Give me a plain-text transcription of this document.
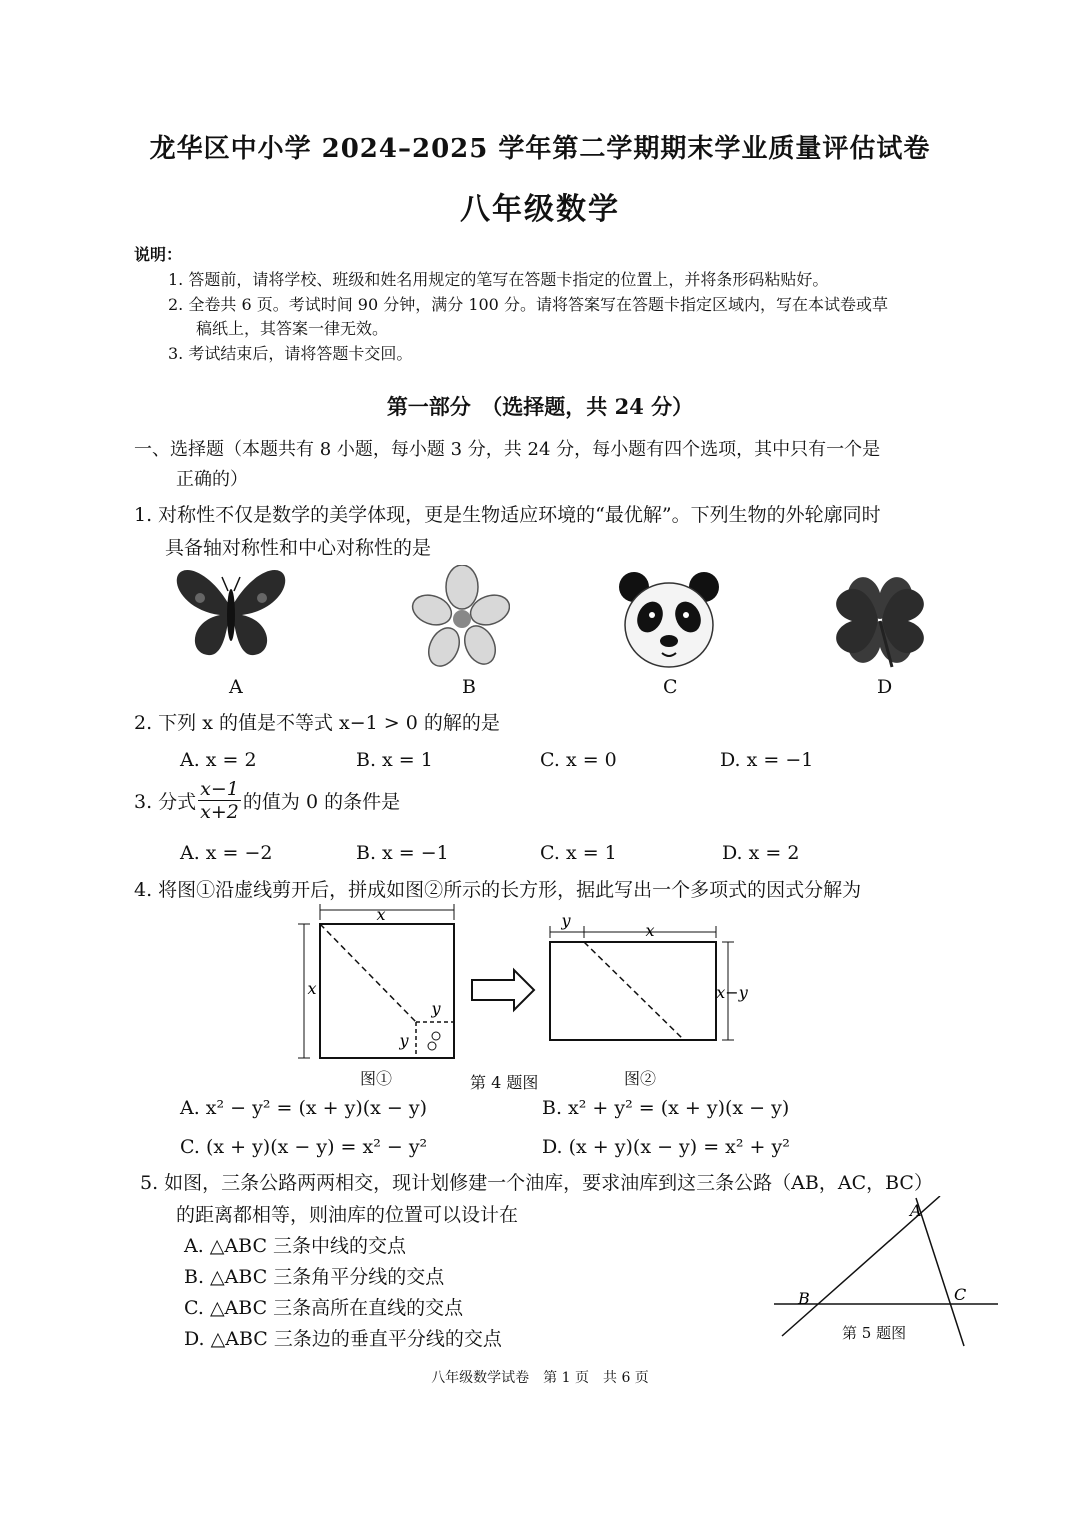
龙华区中小学 2024–2025 学年第二学期期末学业质量评估试卷
八年级数学
说明：
1. 答题前，请将学校、班级和姓名用规定的笔写在答题卡指定的位置上，并将条形码粘贴好。
2. 全卷共 6 页。考试时间 90 分钟，满分 100 分。请将答案写在答题卡指定区域内，写在本试卷或草
稿纸上，其答案一律无效。
3. 考试结束后，请将答题卡交回。
第一部分　（选择题，共 24 分）
一、选择题（本题共有 8 小题，每小题 3 分，共 24 分，每小题有四个选项，其中只有一个是
正确的）
1. 对称性不仅是数学的美学体现，更是生物适应环境的“最优解”。下列生物的外轮廓同时
具备轴对称性和中心对称性的是
A	B	C	D
2. 下列 x 的值是不等式 x−1 > 0 的解的是
A. x = 2	B. x = 1	C. x = 0	D. x = −1
3. 分式 $\frac{x-1}{x+2}$ 的值为 0 的条件是
A. x = −2	B. x = −1	C. x = 1	D. x = 2
4. 将图①沿虚线剪开后，拼成如图②所示的长方形，据此写出一个多项式的因式分解为
x
x
y
y
y
x
x−y
图①	第 4 题图	图②
A. x² − y² = (x + y)(x − y)	B. x² + y² = (x + y)(x − y)
C. (x + y)(x − y) = x² − y²	D. (x + y)(x − y) = x² + y²
5. 如图，三条公路两两相交，现计划修建一个油库，要求油库到这三条公路（AB，AC，BC）
的距离都相等，则油库的位置可以设计在
A. △ABC 三条中线的交点
B. △ABC 三条角平分线的交点
C. △ABC 三条高所在直线的交点
D. △ABC 三条边的垂直平分线的交点
A
B	C
第 5 题图
八年级数学试卷　第 1 页　共 6 页
